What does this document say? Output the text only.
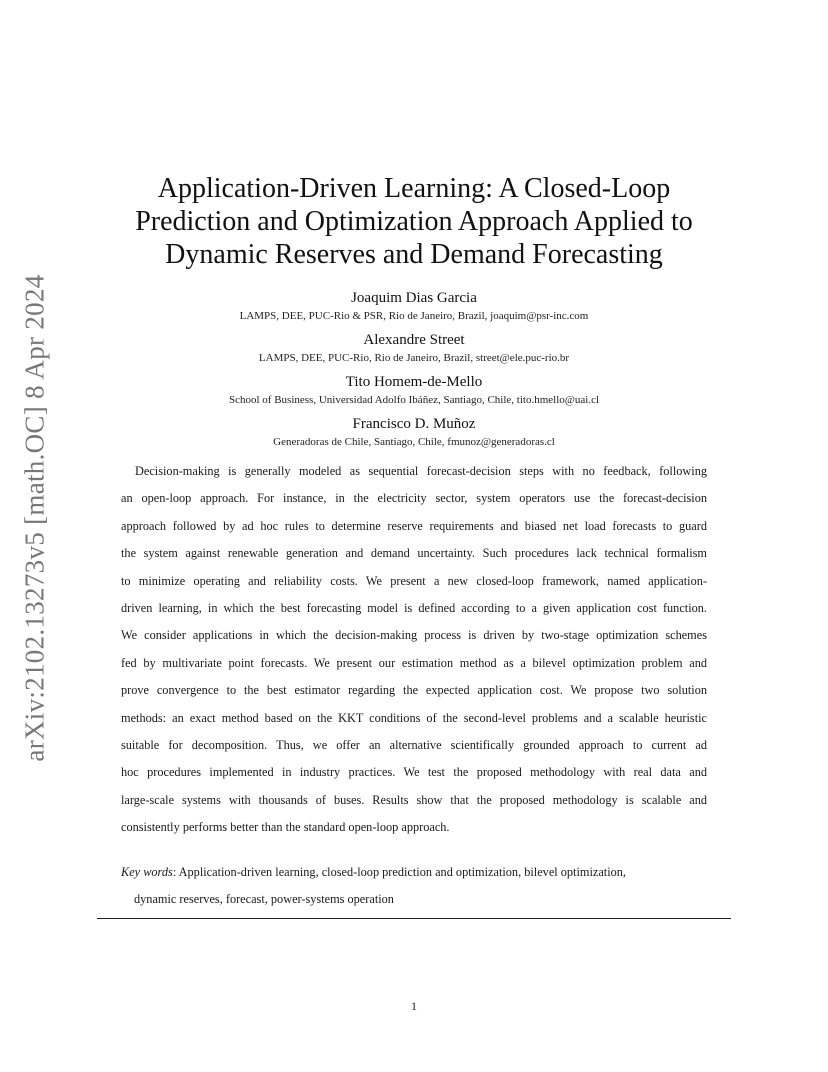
arXiv:2102.13273v5 [math.OC] 8 Apr 2024
Application-Driven Learning: A Closed-Loop
Prediction and Optimization Approach Applied to
Dynamic Reserves and Demand Forecasting
Joaquim Dias Garcia
LAMPS, DEE, PUC-Rio & PSR, Rio de Janeiro, Brazil, joaquim@psr-inc.com
Alexandre Street
LAMPS, DEE, PUC-Rio, Rio de Janeiro, Brazil, street@ele.puc-rio.br
Tito Homem-de-Mello
School of Business, Universidad Adolfo Ibáñez, Santiago, Chile, tito.hmello@uai.cl
Francisco D. Muñoz
Generadoras de Chile, Santiago, Chile, fmunoz@generadoras.cl

Decision-making is generally modeled as sequential forecast-decision steps with no feedback, following
an open-loop approach. For instance, in the electricity sector, system operators use the forecast-decision
approach followed by ad hoc rules to determine reserve requirements and biased net load forecasts to guard
the system against renewable generation and demand uncertainty. Such procedures lack technical formalism
to minimize operating and reliability costs. We present a new closed-loop framework, named application-
driven learning, in which the best forecasting model is defined according to a given application cost function.
We consider applications in which the decision-making process is driven by two-stage optimization schemes
fed by multivariate point forecasts. We present our estimation method as a bilevel optimization problem and
prove convergence to the best estimator regarding the expected application cost. We propose two solution
methods: an exact method based on the KKT conditions of the second-level problems and a scalable heuristic
suitable for decomposition. Thus, we offer an alternative scientifically grounded approach to current ad
hoc procedures implemented in industry practices. We test the proposed methodology with real data and
large-scale systems with thousands of buses. Results show that the proposed methodology is scalable and
consistently performs better than the standard open-loop approach.

Key words: Application-driven learning, closed-loop prediction and optimization, bilevel optimization,
dynamic reserves, forecast, power-systems operation
1
